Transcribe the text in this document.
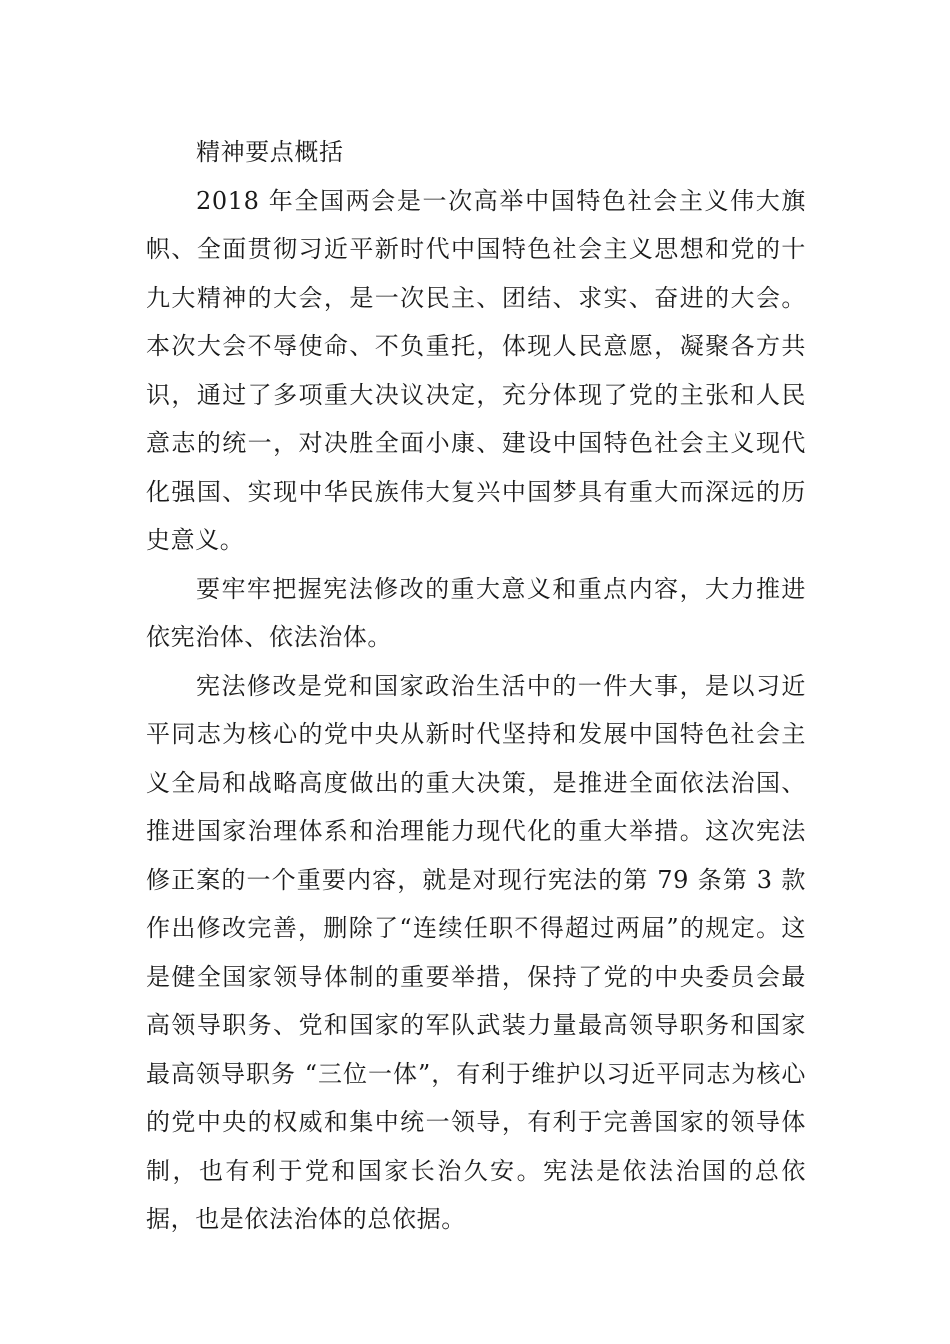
精神要点概括

2018 年全国两会是一次高举中国特色社会主义伟大旗帜、全面贯彻习近平新时代中国特色社会主义思想和党的十九大精神的大会，是一次民主、团结、求实、奋进的大会。本次大会不辱使命、不负重托，体现人民意愿，凝聚各方共识，通过了多项重大决议决定，充分体现了党的主张和人民意志的统一，对决胜全面小康、建设中国特色社会主义现代化强国、实现中华民族伟大复兴中国梦具有重大而深远的历史意义。

要牢牢把握宪法修改的重大意义和重点内容，大力推进依宪治体、依法治体。

宪法修改是党和国家政治生活中的一件大事，是以习近平同志为核心的党中央从新时代坚持和发展中国特色社会主义全局和战略高度做出的重大决策，是推进全面依法治国、推进国家治理体系和治理能力现代化的重大举措。这次宪法修正案的一个重要内容，就是对现行宪法的第 79 条第 3 款作出修改完善，删除了“连续任职不得超过两届”的规定。这是健全国家领导体制的重要举措，保持了党的中央委员会最高领导职务、党和国家的军队武装力量最高领导职务和国家最高领导职务 “三位一体”，有利于维护以习近平同志为核心的党中央的权威和集中统一领导，有利于完善国家的领导体制，也有利于党和国家长治久安。宪法是依法治国的总依据，也是依法治体的总依据。
